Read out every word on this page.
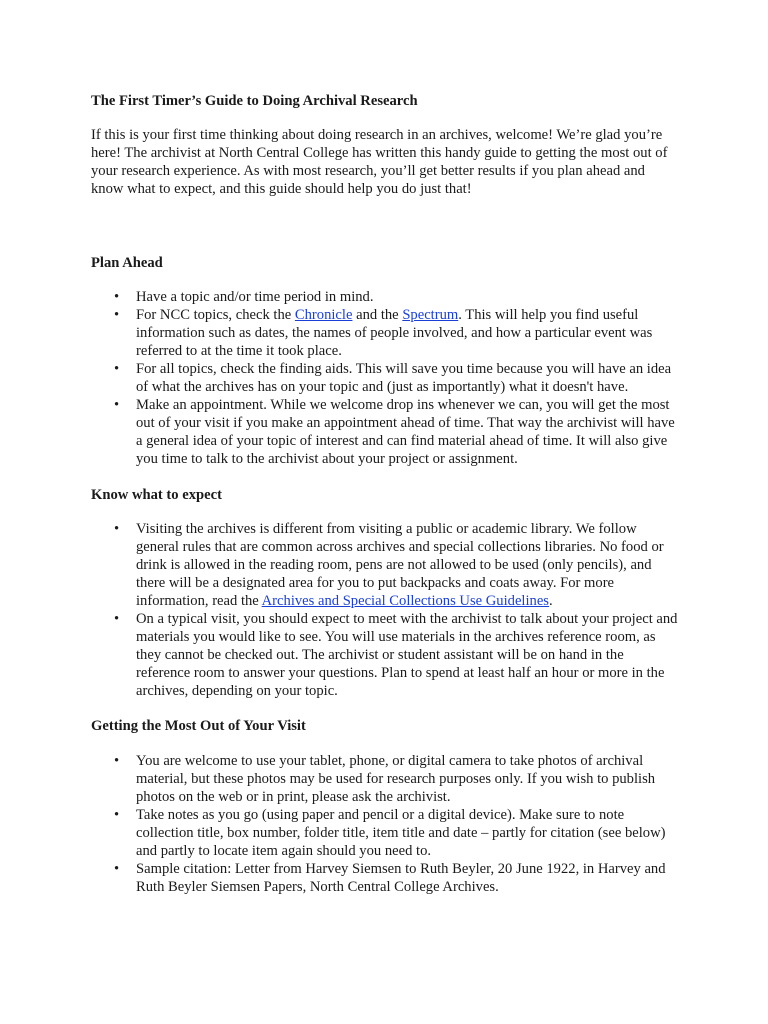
The First Timer’s Guide to Doing Archival Research

If this is your first time thinking about doing research in an archives, welcome! We’re glad you’re here! The archivist at North Central College has written this handy guide to getting the most out of your research experience. As with most research, you’ll get better results if you plan ahead and know what to expect, and this guide should help you do just that!

Plan Ahead
• Have a topic and/or time period in mind.
• For NCC topics, check the Chronicle and the Spectrum. This will help you find useful information such as dates, the names of people involved, and how a particular event was referred to at the time it took place.
• For all topics, check the finding aids. This will save you time because you will have an idea of what the archives has on your topic and (just as importantly) what it doesn't have.
• Make an appointment. While we welcome drop ins whenever we can, you will get the most out of your visit if you make an appointment ahead of time. That way the archivist will have a general idea of your topic of interest and can find material ahead of time. It will also give you time to talk to the archivist about your project or assignment.
Know what to expect
• Visiting the archives is different from visiting a public or academic library. We follow general rules that are common across archives and special collections libraries. No food or drink is allowed in the reading room, pens are not allowed to be used (only pencils), and there will be a designated area for you to put backpacks and coats away. For more information, read the Archives and Special Collections Use Guidelines.
• On a typical visit, you should expect to meet with the archivist to talk about your project and materials you would like to see. You will use materials in the archives reference room, as they cannot be checked out. The archivist or student assistant will be on hand in the reference room to answer your questions. Plan to spend at least half an hour or more in the archives, depending on your topic.
Getting the Most Out of Your Visit
• You are welcome to use your tablet, phone, or digital camera to take photos of archival material, but these photos may be used for research purposes only. If you wish to publish photos on the web or in print, please ask the archivist.
• Take notes as you go (using paper and pencil or a digital device). Make sure to note collection title, box number, folder title, item title and date – partly for citation (see below) and partly to locate item again should you need to.
• Sample citation: Letter from Harvey Siemsen to Ruth Beyler, 20 June 1922, in Harvey and Ruth Beyler Siemsen Papers, North Central College Archives.
